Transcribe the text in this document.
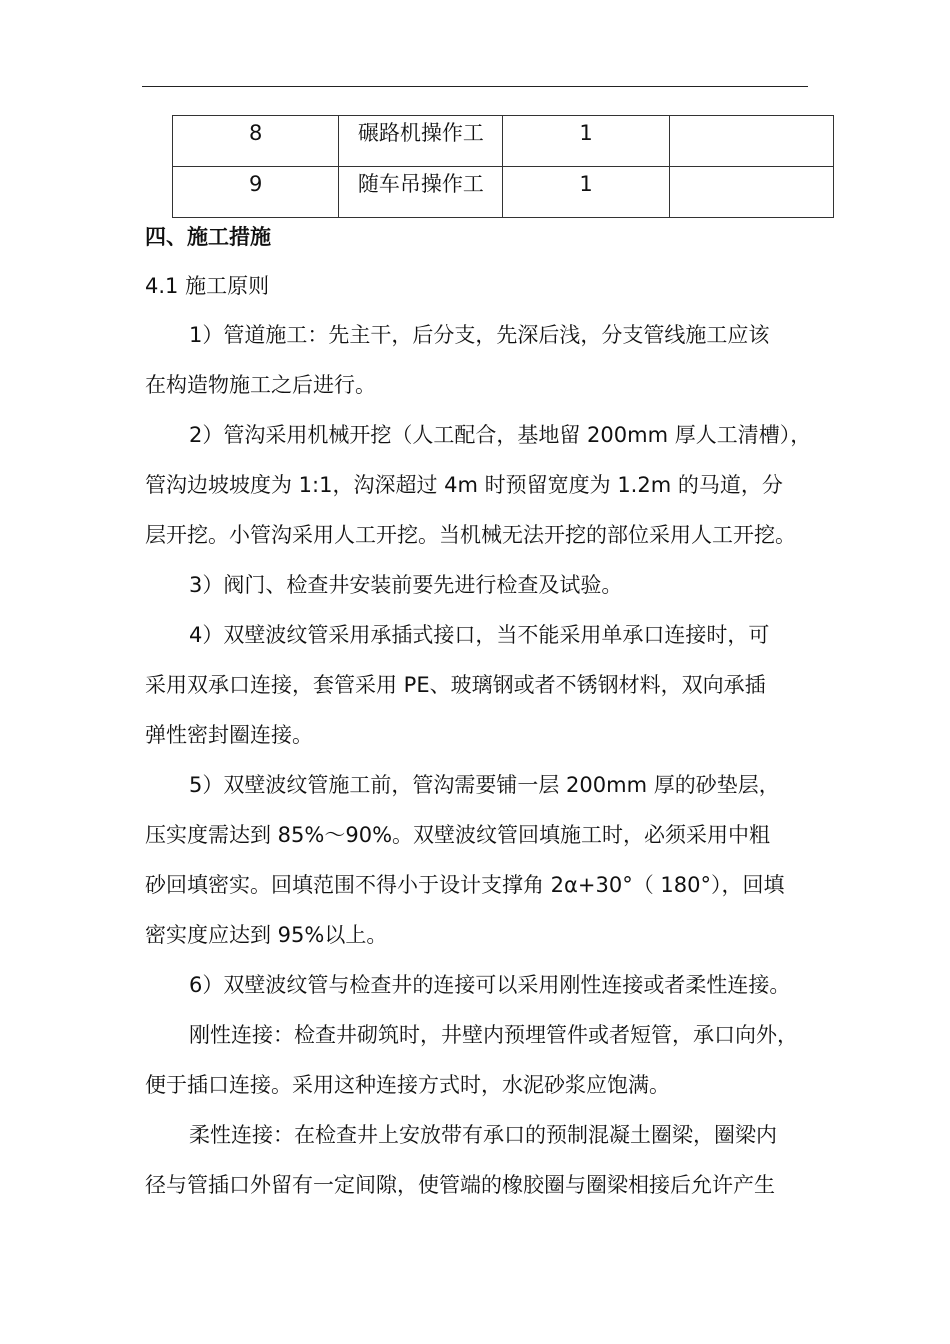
8	碾路机操作工	1	
9	随车吊操作工	1	
四、施工措施
4.1 施工原则
1）管道施工：先主干，后分支，先深后浅，分支管线施工应该
在构造物施工之后进行。
2）管沟采用机械开挖（人工配合，基地留 200mm 厚人工清槽），
管沟边坡坡度为 1:1，沟深超过 4m 时预留宽度为 1.2m 的马道，分
层开挖。小管沟采用人工开挖。当机械无法开挖的部位采用人工开挖。
3）阀门、检查井安装前要先进行检查及试验。
4）双壁波纹管采用承插式接口，当不能采用单承口连接时，可
采用双承口连接，套管采用 PE、玻璃钢或者不锈钢材料，双向承插
弹性密封圈连接。
5）双壁波纹管施工前，管沟需要铺一层 200mm 厚的砂垫层，
压实度需达到 85%～90%。双壁波纹管回填施工时，必须采用中粗
砂回填密实。回填范围不得小于设计支撑角 2α+30°（ 180°），回填
密实度应达到 95%以上。
6）双壁波纹管与检查井的连接可以采用刚性连接或者柔性连接。
刚性连接：检查井砌筑时，井壁内预埋管件或者短管，承口向外，
便于插口连接。采用这种连接方式时，水泥砂浆应饱满。
柔性连接：在检查井上安放带有承口的预制混凝土圈梁，圈梁内
径与管插口外留有一定间隙，使管端的橡胶圈与圈梁相接后允许产生
